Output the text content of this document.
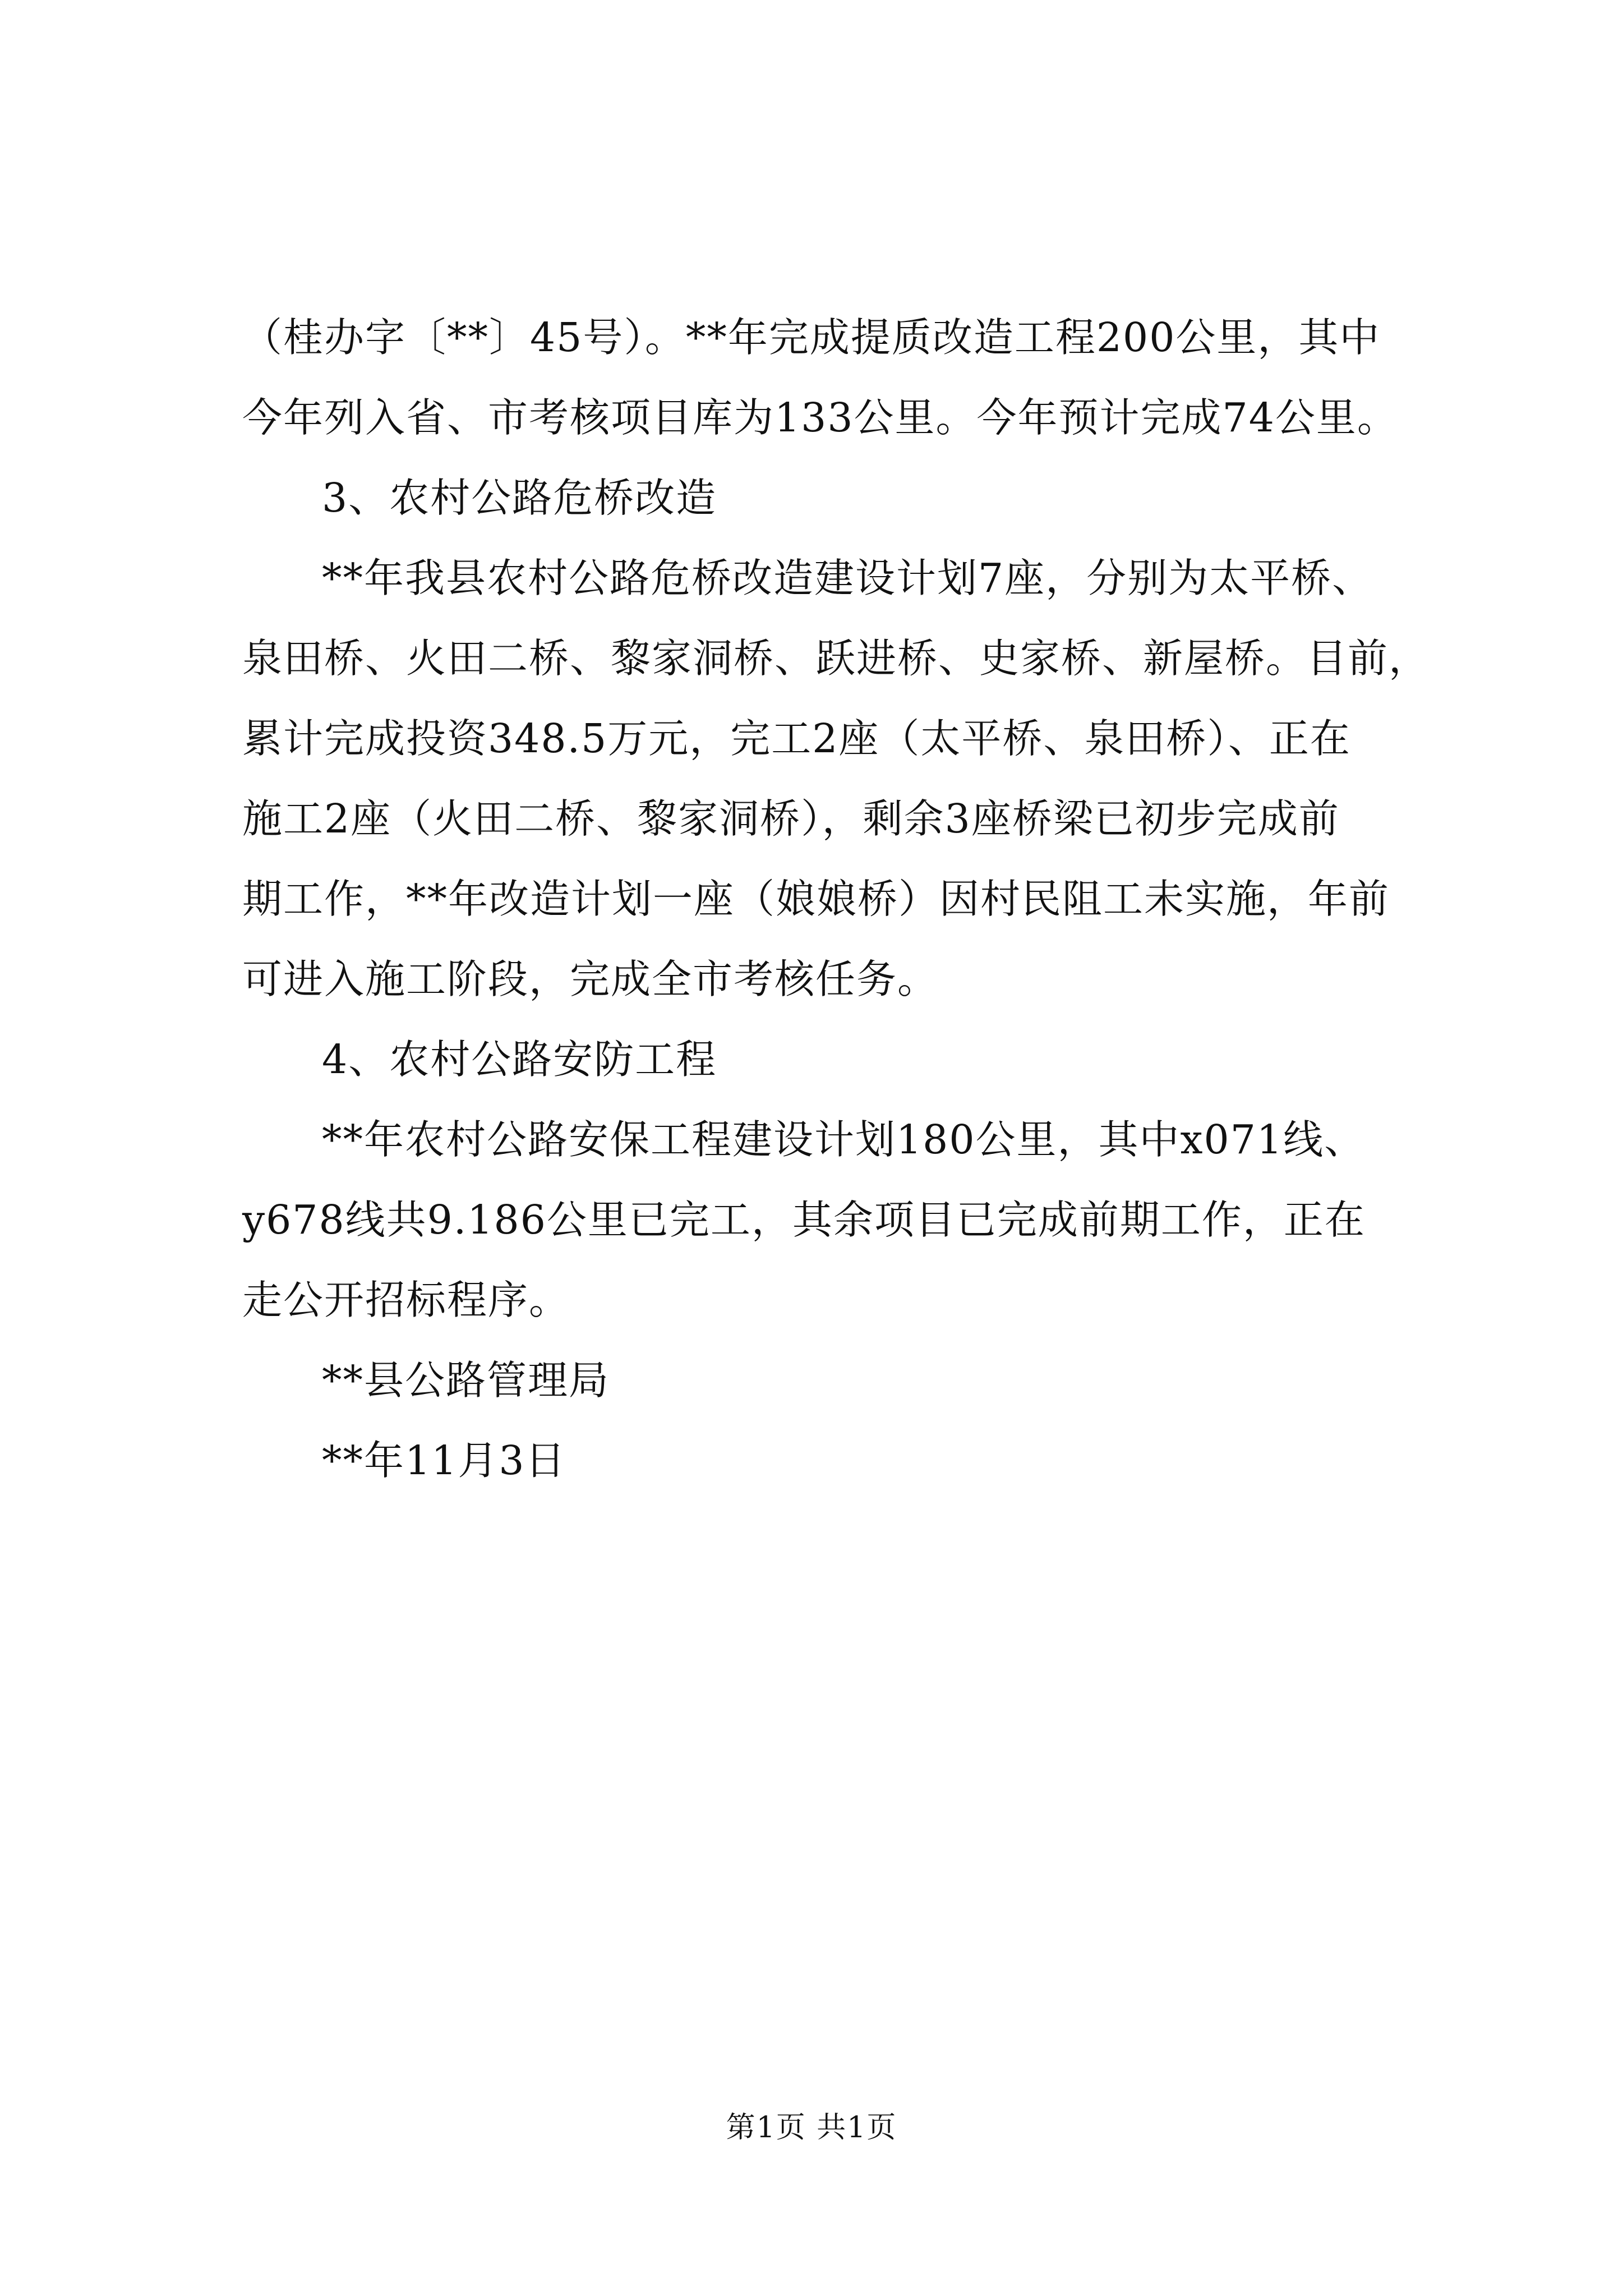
（桂办字〔**〕45号）。**年完成提质改造工程200公里，其中
今年列入省、市考核项目库为133公里。今年预计完成74公里。
3、农村公路危桥改造
**年我县农村公路危桥改造建设计划7座，分别为太平桥、
泉田桥、火田二桥、黎家洞桥、跃进桥、史家桥、新屋桥。目前，
累计完成投资348.5万元，完工2座（太平桥、泉田桥）、正在
施工2座（火田二桥、黎家洞桥），剩余3座桥梁已初步完成前
期工作，**年改造计划一座（娘娘桥）因村民阻工未实施，年前
可进入施工阶段，完成全市考核任务。
4、农村公路安防工程
**年农村公路安保工程建设计划180公里，其中x071线、
y678线共9.186公里已完工，其余项目已完成前期工作，正在
走公开招标程序。
**县公路管理局
**年11月3日
第1页 共1页
